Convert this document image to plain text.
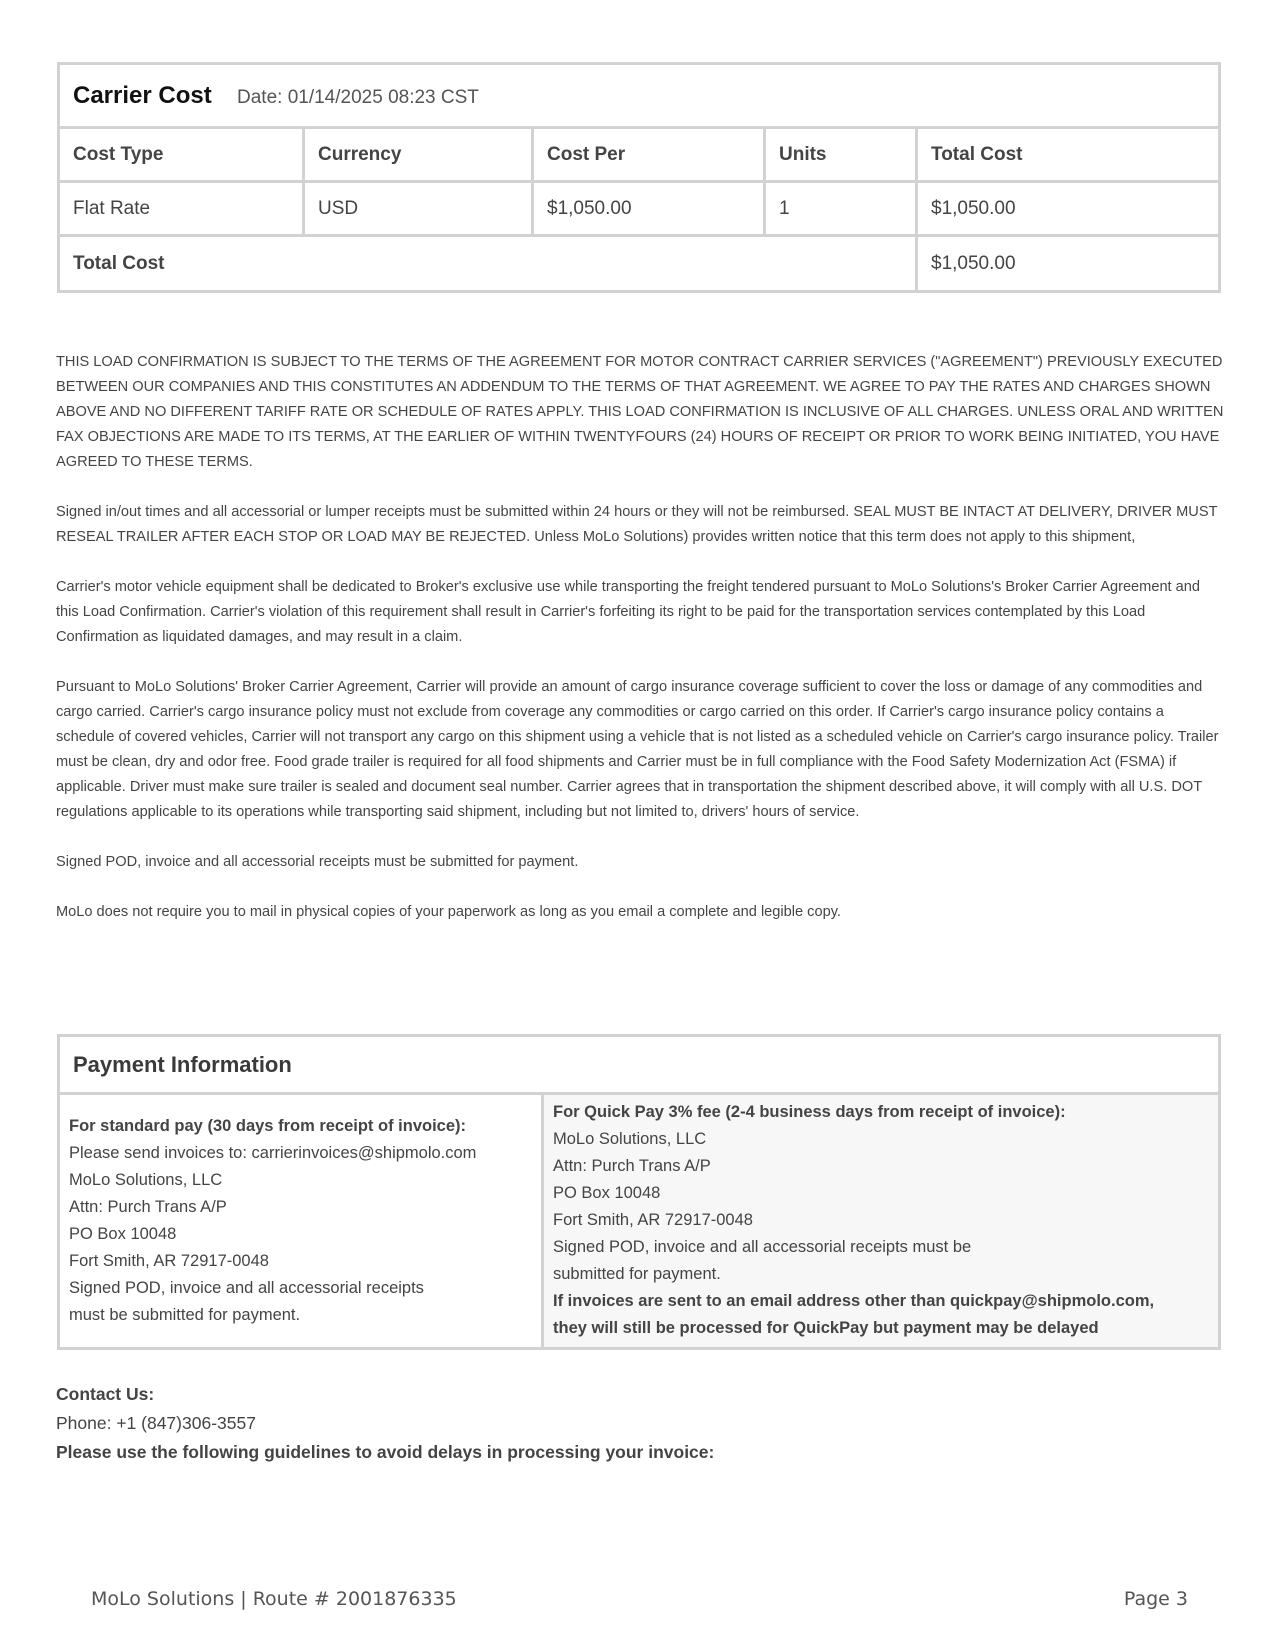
Carrier Cost Date: 01/14/2025 08:23 CST				
Cost Type	Currency	Cost Per	Units	Total Cost
Flat Rate	USD	$1,050.00	1	$1,050.00
Total Cost				$1,050.00

THIS LOAD CONFIRMATION IS SUBJECT TO THE TERMS OF THE AGREEMENT FOR MOTOR CONTRACT CARRIER SERVICES ("AGREEMENT") PREVIOUSLY EXECUTED BETWEEN OUR COMPANIES AND THIS CONSTITUTES AN ADDENDUM TO THE TERMS OF THAT AGREEMENT. WE AGREE TO PAY THE RATES AND CHARGES SHOWN ABOVE AND NO DIFFERENT TARIFF RATE OR SCHEDULE OF RATES APPLY. THIS LOAD CONFIRMATION IS INCLUSIVE OF ALL CHARGES. UNLESS ORAL AND WRITTEN FAX OBJECTIONS ARE MADE TO ITS TERMS, AT THE EARLIER OF WITHIN TWENTYFOURS (24) HOURS OF RECEIPT OR PRIOR TO WORK BEING INITIATED, YOU HAVE AGREED TO THESE TERMS.

Signed in/out times and all accessorial or lumper receipts must be submitted within 24 hours or they will not be reimbursed. SEAL MUST BE INTACT AT DELIVERY, DRIVER MUST RESEAL TRAILER AFTER EACH STOP OR LOAD MAY BE REJECTED. Unless MoLo Solutions) provides written notice that this term does not apply to this shipment,

Carrier's motor vehicle equipment shall be dedicated to Broker's exclusive use while transporting the freight tendered pursuant to MoLo Solutions's Broker Carrier Agreement and this Load Confirmation. Carrier's violation of this requirement shall result in Carrier's forfeiting its right to be paid for the transportation services contemplated by this Load Confirmation as liquidated damages, and may result in a claim.

Pursuant to MoLo Solutions' Broker Carrier Agreement, Carrier will provide an amount of cargo insurance coverage sufficient to cover the loss or damage of any commodities and cargo carried. Carrier's cargo insurance policy must not exclude from coverage any commodities or cargo carried on this order. If Carrier's cargo insurance policy contains a schedule of covered vehicles, Carrier will not transport any cargo on this shipment using a vehicle that is not listed as a scheduled vehicle on Carrier's cargo insurance policy. Trailer must be clean, dry and odor free. Food grade trailer is required for all food shipments and Carrier must be in full compliance with the Food Safety Modernization Act (FSMA) if applicable. Driver must make sure trailer is sealed and document seal number. Carrier agrees that in transportation the shipment described above, it will comply with all U.S. DOT regulations applicable to its operations while transporting said shipment, including but not limited to, drivers' hours of service.

Signed POD, invoice and all accessorial receipts must be submitted for payment.

MoLo does not require you to mail in physical copies of your paperwork as long as you email a complete and legible copy.

Payment Information
For standard pay (30 days from receipt of invoice):
Please send invoices to: carrierinvoices@shipmolo.com
MoLo Solutions, LLC
Attn: Purch Trans A/P
PO Box 10048
Fort Smith, AR 72917-0048
Signed POD, invoice and all accessorial receipts
must be submitted for payment.
For Quick Pay 3% fee (2-4 business days from receipt of invoice):
MoLo Solutions, LLC
Attn: Purch Trans A/P
PO Box 10048
Fort Smith, AR 72917-0048
Signed POD, invoice and all accessorial receipts must be
submitted for payment.
If invoices are sent to an email address other than quickpay@shipmolo.com,
they will still be processed for QuickPay but payment may be delayed
Contact Us:
Phone: +1 (847)306-3557
Please use the following guidelines to avoid delays in processing your invoice:
MoLo Solutions | Route # 2001876335	Page 3
